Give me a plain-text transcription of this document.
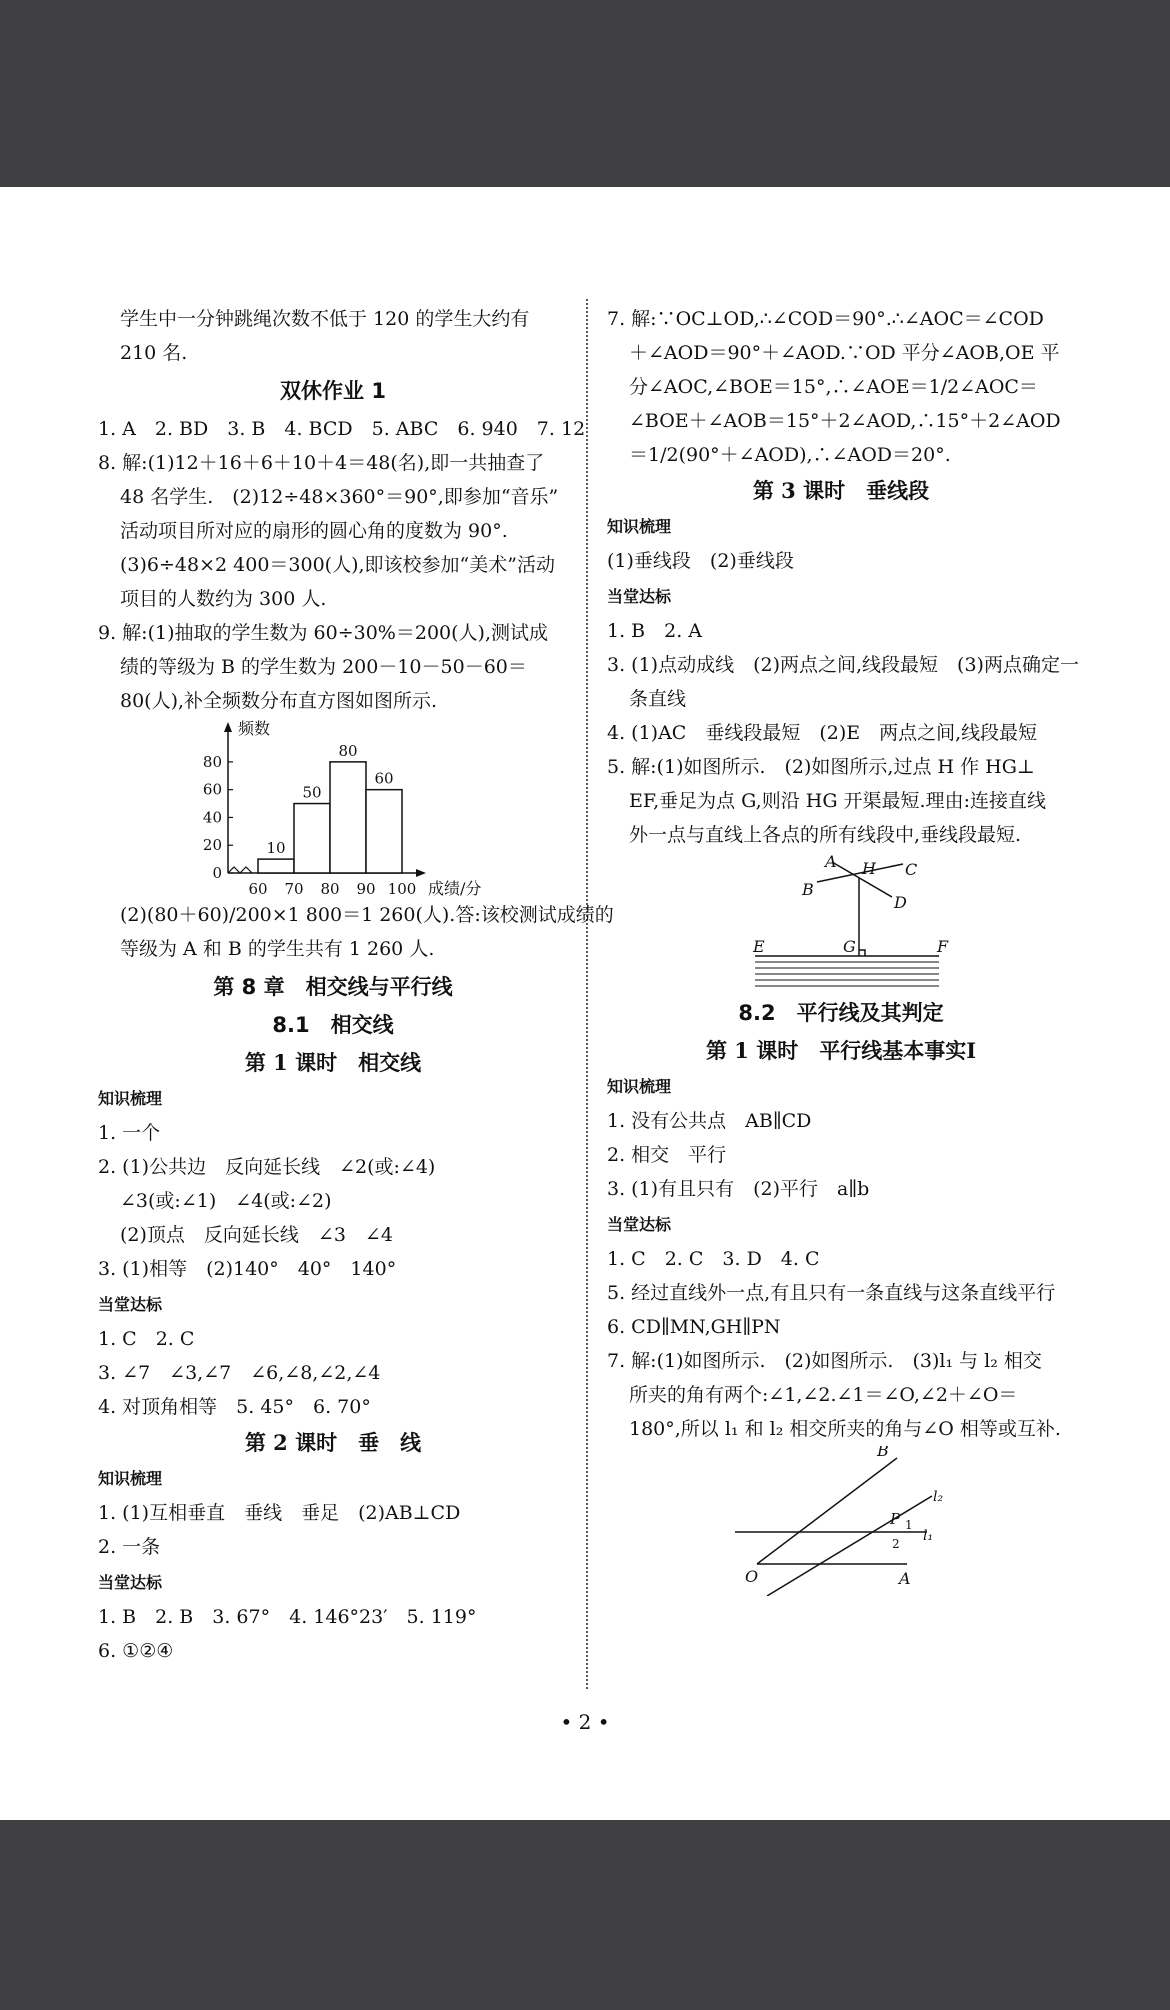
学生中一分钟跳绳次数不低于 120 的学生大约有

210 名.

双休作业 1

1. A　2. BD　3. B　4. BCD　5. ABC　6. 940　7. 12

8. 解:(1)12＋16＋6＋10＋4＝48(名),即一共抽查了

48 名学生.　(2)12÷48×360°＝90°,即参加“音乐”

活动项目所对应的扇形的圆心角的度数为 90°.

(3)6÷48×2 400＝300(人),即该校参加“美术”活动

项目的人数约为 300 人.

9. 解:(1)抽取的学生数为 60÷30%＝200(人),测试成

绩的等级为 B 的学生数为 200－10－50－60＝

80(人),补全频数分布直方图如图所示.

0
20
40
60
80
60 70 80 90 100
10
50
80
60
频数
成绩/分

(2)(80＋60)/200×1 800＝1 260(人).答:该校测试成绩的

等级为 A 和 B 的学生共有 1 260 人.

第 8 章　相交线与平行线
8.1　相交线
第 1 课时　相交线
知识梳理

1. 一个

2. (1)公共边　反向延长线　∠2(或:∠4)

∠3(或:∠1)　∠4(或:∠2)

(2)顶点　反向延长线　∠3　∠4

3. (1)相等　(2)140°　40°　140°

当堂达标

1. C　2. C

3. ∠7　∠3,∠7　∠6,∠8,∠2,∠4

4. 对顶角相等　5. 45°　6. 70°

第 2 课时　垂　线
知识梳理

1. (1)互相垂直　垂线　垂足　(2)AB⊥CD

2. 一条

当堂达标

1. B　2. B　3. 67°　4. 146°23′　5. 119°

6. ①②④

7. 解:∵OC⊥OD,∴∠COD＝90°.∴∠AOC＝∠COD

＋∠AOD＝90°＋∠AOD.∵OD 平分∠AOB,OE 平

分∠AOC,∠BOE＝15°,∴∠AOE＝1/2∠AOC＝

∠BOE＋∠AOB＝15°＋2∠AOD,∴15°＋2∠AOD

＝1/2(90°＋∠AOD),∴∠AOD＝20°.

第 3 课时　垂线段
知识梳理

(1)垂线段　(2)垂线段

当堂达标

1. B　2. A

3. (1)点动成线　(2)两点之间,线段最短　(3)两点确定一

条直线

4. (1)AC　垂线段最短　(2)E　两点之间,线段最短

5. 解:(1)如图所示.　(2)如图所示,过点 H 作 HG⊥

EF,垂足为点 G,则沿 HG 开渠最短.理由:连接直线

外一点与直线上各点的所有线段中,垂线段最短.

A
B
C
D
H
G
E	F
8.2　平行线及其判定
第 1 课时　平行线基本事实Ⅰ
知识梳理

1. 没有公共点　AB∥CD

2. 相交　平行

3. (1)有且只有　(2)平行　a∥b

当堂达标

1. C　2. C　3. D　4. C

5. 经过直线外一点,有且只有一条直线与这条直线平行

6. CD∥MN,GH∥PN

7. 解:(1)如图所示.　(2)如图所示.　(3)l₁ 与 l₂ 相交

所夹的角有两个:∠1,∠2.∠1＝∠O,∠2＋∠O＝

180°,所以 l₁ 和 l₂ 相交所夹的角与∠O 相等或互补.

B
O	A
P
l₂
l₁
1
2
• 2 •
